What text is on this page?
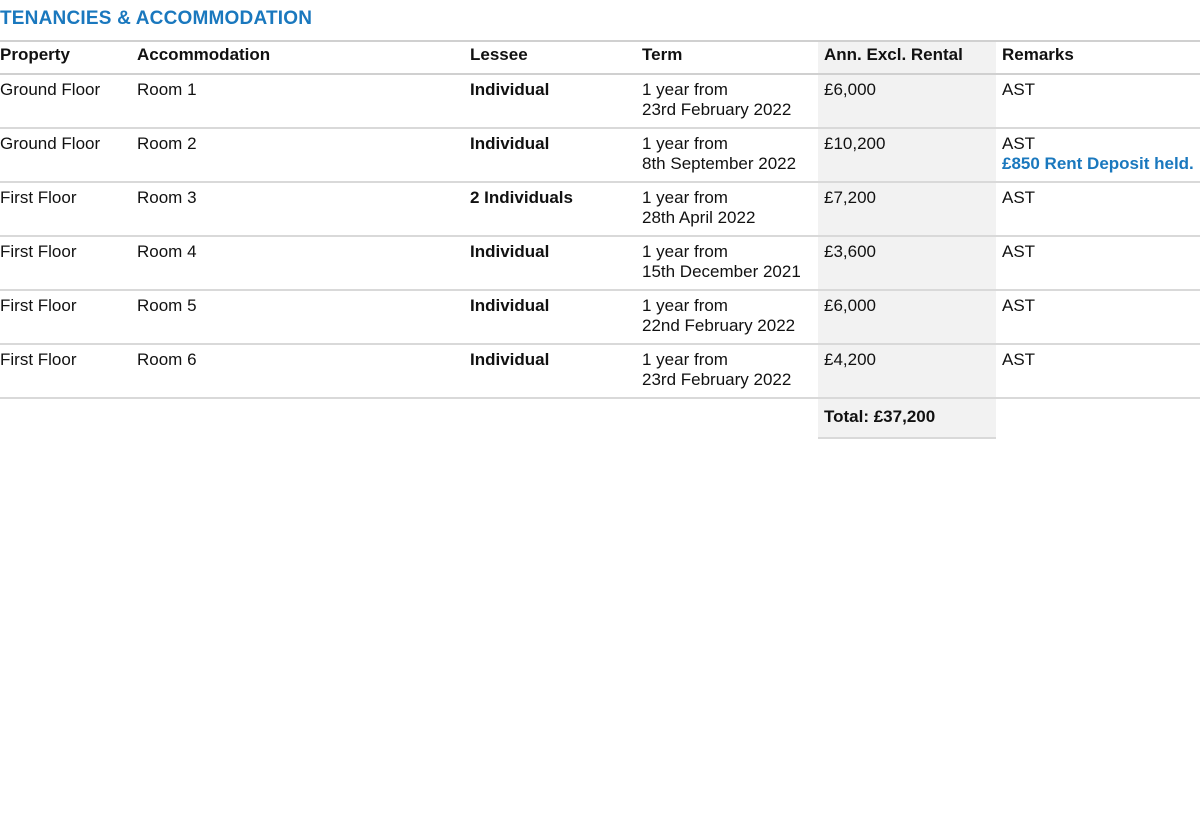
TENANCIES & ACCOMMODATION
Property	Accommodation	Lessee	Term	Ann. Excl. Rental	Remarks
Ground Floor	Room 1	Individual	1 year from
23rd February 2022	£6,000	AST

Ground Floor	Room 2	Individual	1 year from
8th September 2022	£10,200	AST
£850 Rent Deposit held.

First Floor	Room 3	2 Individuals	1 year from
28th April 2022	£7,200	AST

First Floor	Room 4	Individual	1 year from
15th December 2021	£3,600	AST

First Floor	Room 5	Individual	1 year from
22nd February 2022	£6,000	AST

First Floor	Room 6	Individual	1 year from
23rd February 2022	£4,200	AST

				Total: £37,200	
